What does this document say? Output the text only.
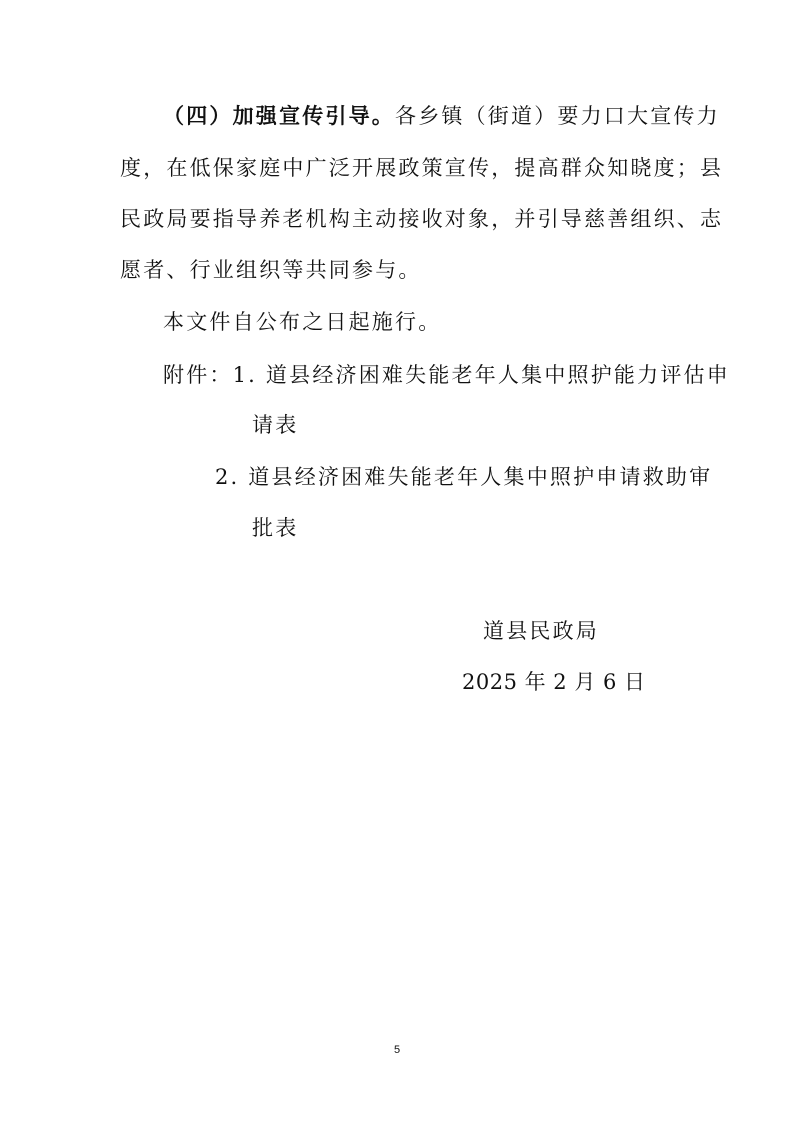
（四）加强宣传引导。各乡镇（街道）要力口大宣传力
度，在低保家庭中广泛开展政策宣传，提高群众知晓度；县
民政局要指导养老机构主动接收对象，并引导慈善组织、志
愿者、行业组织等共同参与。
本文件自公布之日起施行。
附件：1. 道县经济困难失能老年人集中照护能力评估申
请表
2. 道县经济困难失能老年人集中照护申请救助审
批表
道县民政局
2025 年 2 月 6 日
5
